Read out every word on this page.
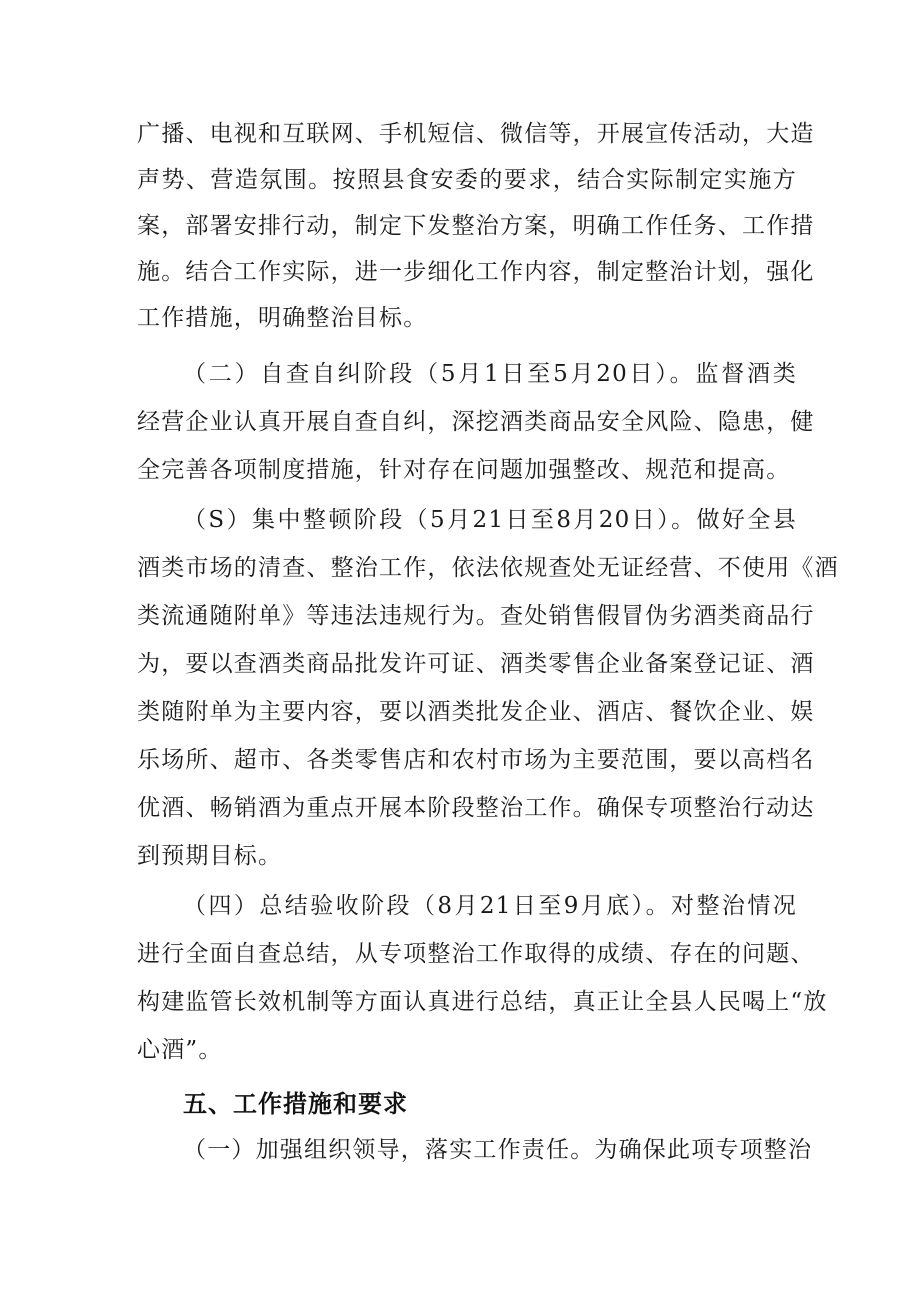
广播、电视和互联网、手机短信、微信等，开展宣传活动，大造
声势、营造氛围。按照县食安委的要求，结合实际制定实施方
案，部署安排行动，制定下发整治方案，明确工作任务、工作措
施。结合工作实际，进一步细化工作内容，制定整治计划，强化
工作措施，明确整治目标。
（二）自查自纠阶段（5月1日至5月20日）。监督酒类
经营企业认真开展自查自纠，深挖酒类商品安全风险、隐患，健
全完善各项制度措施，针对存在问题加强整改、规范和提高。
（S）集中整顿阶段（5月21日至8月20日）。做好全县
酒类市场的清查、整治工作，依法依规查处无证经营、不使用《酒
类流通随附单》等违法违规行为。查处销售假冒伪劣酒类商品行
为，要以查酒类商品批发许可证、酒类零售企业备案登记证、酒
类随附单为主要内容，要以酒类批发企业、酒店、餐饮企业、娱
乐场所、超市、各类零售店和农村市场为主要范围，要以高档名
优酒、畅销酒为重点开展本阶段整治工作。确保专项整治行动达
到预期目标。
（四）总结验收阶段（8月21日至9月底）。对整治情况
进行全面自查总结，从专项整治工作取得的成绩、存在的问题、
构建监管长效机制等方面认真进行总结，真正让全县人民喝上“放
心酒”。
五、工作措施和要求
（一）加强组织领导，落实工作责任。为确保此项专项整治
